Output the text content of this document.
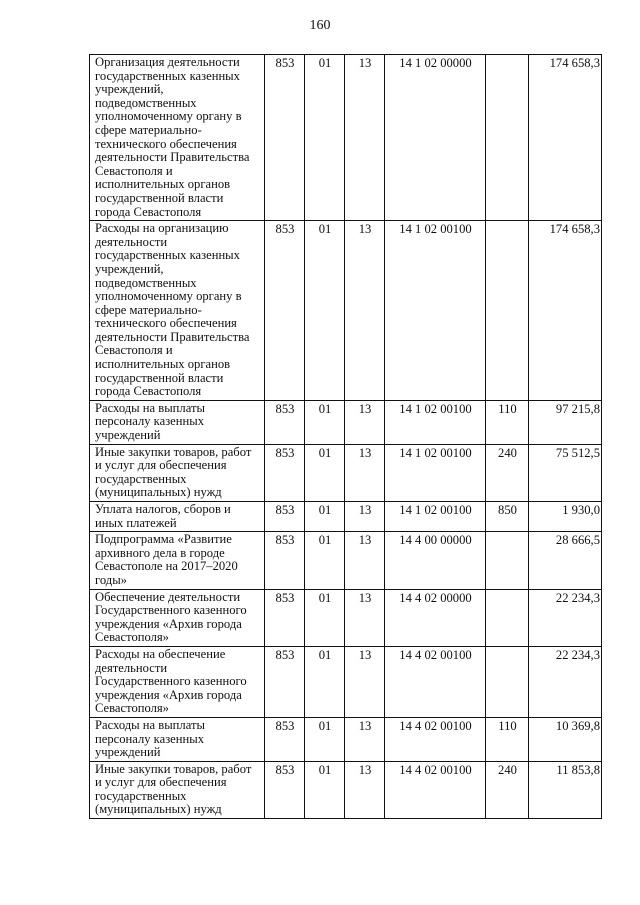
160
Организация деятельности государственных казенных учреждений, подведомственных уполномоченному органу в сфере материально-технического обеспечения деятельности Правительства Севастополя и исполнительных органов государственной власти города Севастополя	853	01	13	14 1 02 00000		174 658,3
Расходы на организацию деятельности государственных казенных учреждений, подведомственных уполномоченному органу в сфере материально-технического обеспечения деятельности Правительства Севастополя и исполнительных органов государственной власти города Севастополя	853	01	13	14 1 02 00100		174 658,3
Расходы на выплаты персоналу казенных учреждений	853	01	13	14 1 02 00100	110	97 215,8
Иные закупки товаров, работ и услуг для обеспечения государственных (муниципальных) нужд	853	01	13	14 1 02 00100	240	75 512,5
Уплата налогов, сборов и иных платежей	853	01	13	14 1 02 00100	850	1 930,0
Подпрограмма «Развитие архивного дела в городе Севастополе на 2017–2020 годы»	853	01	13	14 4 00 00000		28 666,5
Обеспечение деятельности Государственного казенного учреждения «Архив города Севастополя»	853	01	13	14 4 02 00000		22 234,3
Расходы на обеспечение деятельности Государственного казенного учреждения «Архив города Севастополя»	853	01	13	14 4 02 00100		22 234,3
Расходы на выплаты персоналу казенных учреждений	853	01	13	14 4 02 00100	110	10 369,8
Иные закупки товаров, работ и услуг для обеспечения государственных (муниципальных) нужд	853	01	13	14 4 02 00100	240	11 853,8
